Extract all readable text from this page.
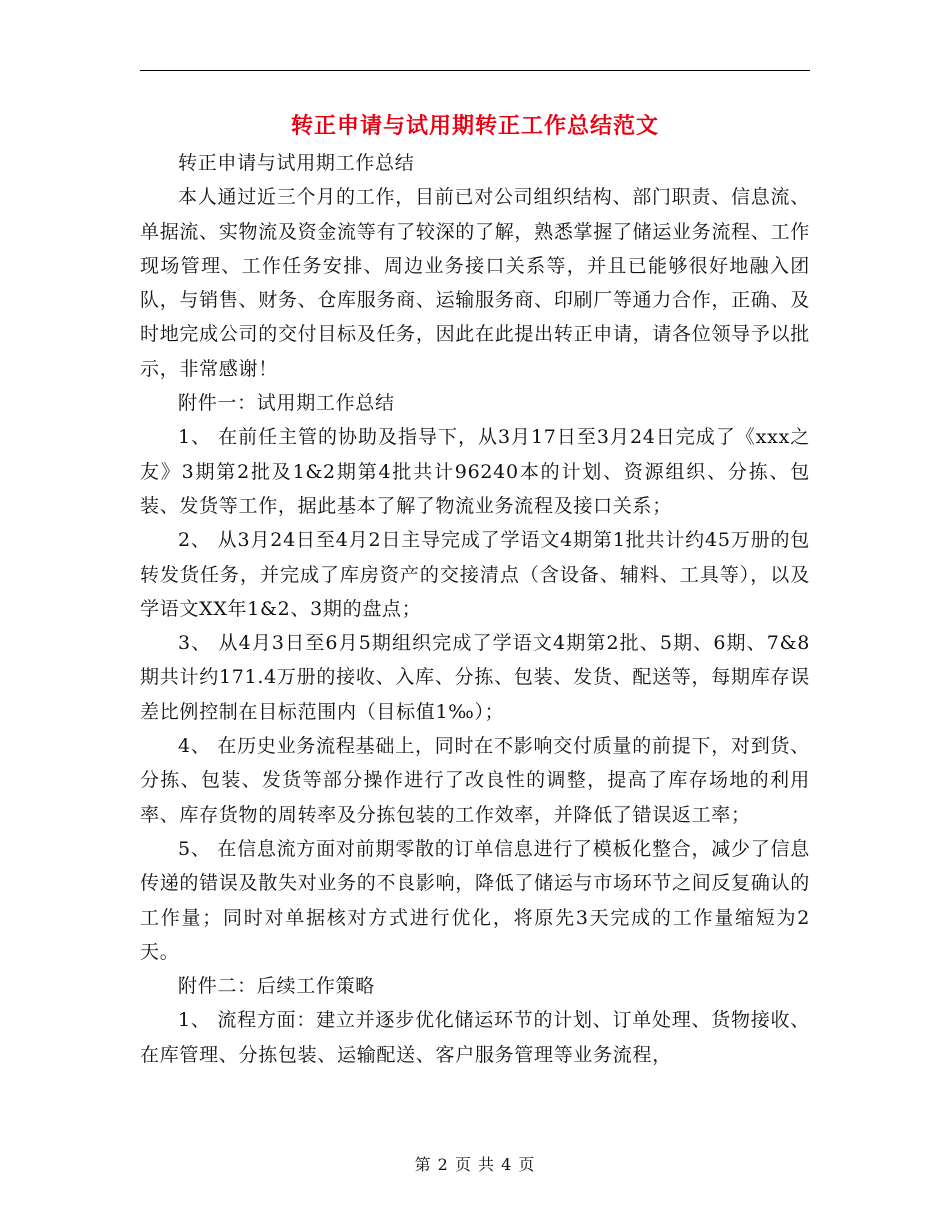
转正申请与试用期转正工作总结范文

转正申请与试用期工作总结

本人通过近三个月的工作，目前已对公司组织结构、部门职责、信息流、单据流、实物流及资金流等有了较深的了解，熟悉掌握了储运业务流程、工作现场管理、工作任务安排、周边业务接口关系等，并且已能够很好地融入团队，与销售、财务、仓库服务商、运输服务商、印刷厂等通力合作，正确、及时地完成公司的交付目标及任务，因此在此提出转正申请，请各位领导予以批示，非常感谢！

附件一：试用期工作总结

1、 在前任主管的协助及指导下，从3月17日至3月24日完成了《xxx之友》3期第2批及1&2期第4批共计96240本的计划、资源组织、分拣、包装、发货等工作，据此基本了解了物流业务流程及接口关系；

2、 从3月24日至4月2日主导完成了学语文4期第1批共计约45万册的包转发货任务，并完成了库房资产的交接清点（含设备、辅料、工具等），以及学语文XX年1&2、3期的盘点；

3、 从4月3日至6月5期组织完成了学语文4期第2批、5期、6期、7&8期共计约171.4万册的接收、入库、分拣、包装、发货、配送等，每期库存误差比例控制在目标范围内（目标值1‰）；

4、 在历史业务流程基础上，同时在不影响交付质量的前提下，对到货、分拣、包装、发货等部分操作进行了改良性的调整，提高了库存场地的利用率、库存货物的周转率及分拣包装的工作效率，并降低了错误返工率；

5、 在信息流方面对前期零散的订单信息进行了模板化整合，减少了信息传递的错误及散失对业务的不良影响，降低了储运与市场环节之间反复确认的工作量；同时对单据核对方式进行优化，将原先3天完成的工作量缩短为2天。

附件二：后续工作策略

1、 流程方面：建立并逐步优化储运环节的计划、订单处理、货物接收、在库管理、分拣包装、运输配送、客户服务管理等业务流程，

第 2 页 共 4 页
